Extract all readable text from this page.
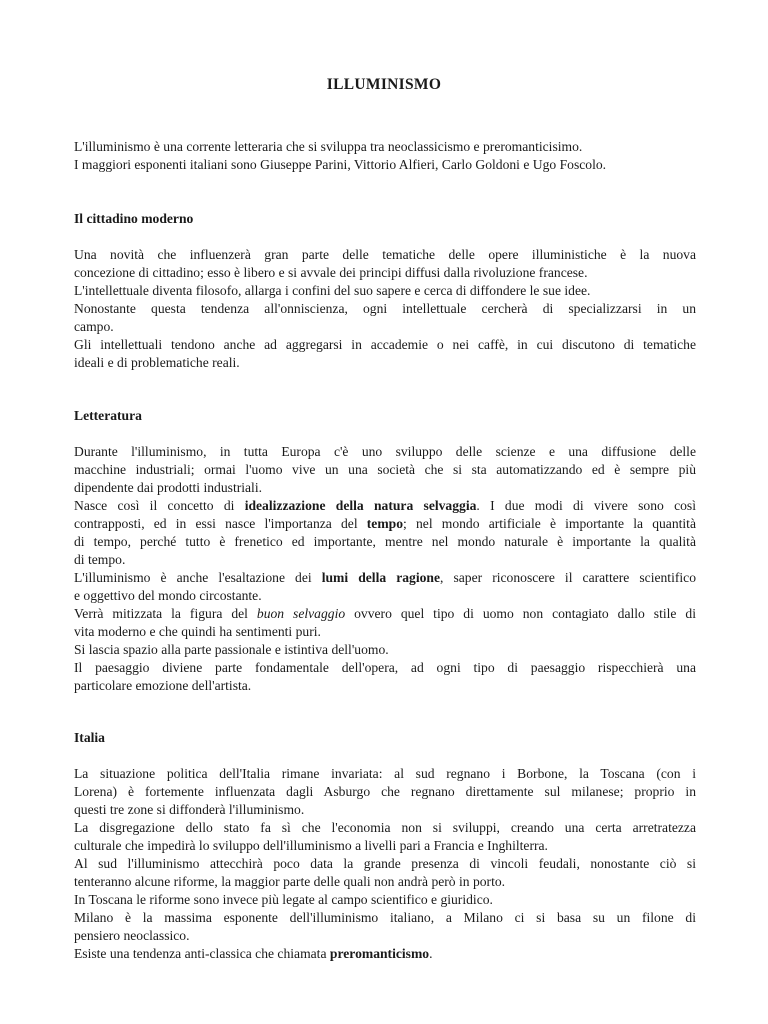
ILLUMINISMO
L'illuminismo è una corrente letteraria che si sviluppa tra neoclassicismo e preromanticisimo.
I maggiori esponenti italiani sono Giuseppe Parini, Vittorio Alfieri, Carlo Goldoni e Ugo Foscolo.
Il cittadino moderno
Una novità che influenzerà gran parte delle tematiche delle opere illuministiche è la nuova
concezione di cittadino; esso è libero e si avvale dei principi diffusi dalla rivoluzione francese.
L'intellettuale diventa filosofo, allarga i confini del suo sapere e cerca di diffondere le sue idee.
Nonostante questa tendenza all'onniscienza, ogni intellettuale cercherà di specializzarsi in un
campo.
Gli intellettuali tendono anche ad aggregarsi in accademie o nei caffè, in cui discutono di tematiche
ideali e di problematiche reali.
Letteratura
Durante l'illuminismo, in tutta Europa c'è uno sviluppo delle scienze e una diffusione delle
macchine industriali; ormai l'uomo vive un una società che si sta automatizzando ed è sempre più
dipendente dai prodotti industriali.
Nasce così il concetto di idealizzazione della natura selvaggia. I due modi di vivere sono così
contrapposti, ed in essi nasce l'importanza del tempo; nel mondo artificiale è importante la quantità
di tempo, perché tutto è frenetico ed importante, mentre nel mondo naturale è importante la qualità
di tempo.
L'illuminismo è anche l'esaltazione dei lumi della ragione, saper riconoscere il carattere scientifico
e oggettivo del mondo circostante.
Verrà mitizzata la figura del buon selvaggio ovvero quel tipo di uomo non contagiato dallo stile di
vita moderno e che quindi ha sentimenti puri.
Si lascia spazio alla parte passionale e istintiva dell'uomo.
Il paesaggio diviene parte fondamentale dell'opera, ad ogni tipo di paesaggio rispecchierà una
particolare emozione dell'artista.
Italia
La situazione politica dell'Italia rimane invariata: al sud regnano i Borbone, la Toscana (con i
Lorena) è fortemente influenzata dagli Asburgo che regnano direttamente sul milanese; proprio in
questi tre zone si diffonderà l'illuminismo.
La disgregazione dello stato fa sì che l'economia non si sviluppi, creando una certa arretratezza
culturale che impedirà lo sviluppo dell'illuminismo a livelli pari a Francia e Inghilterra.
Al sud l'illuminismo attecchirà poco data la grande presenza di vincoli feudali, nonostante ciò si
tenteranno alcune riforme, la maggior parte delle quali non andrà però in porto.
In Toscana le riforme sono invece più legate al campo scientifico e giuridico.
Milano è la massima esponente dell'illuminismo italiano, a Milano ci si basa su un filone di
pensiero neoclassico.
Esiste una tendenza anti-classica che chiamata preromanticismo.
